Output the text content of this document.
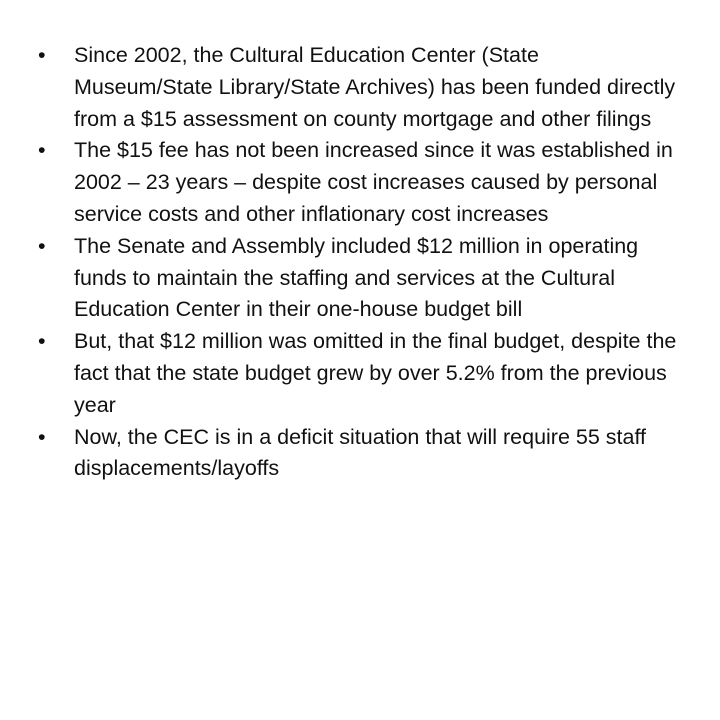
•	Since 2002, the Cultural Education Center (State Museum/State Library/State Archives) has been funded directly from a $15 assessment on county mortgage and other filings
•	The $15 fee has not been increased since it was established in 2002 – 23 years – despite cost increases caused by personal service costs and other inflationary cost increases
•	The Senate and Assembly included $12 million in operating funds to maintain the staffing and services at the Cultural Education Center in their one-house budget bill
•	But, that $12 million was omitted in the final budget, despite the fact that the state budget grew by over 5.2% from the previous year
•	Now, the CEC is in a deficit situation that will require 55 staff displacements/layoffs
